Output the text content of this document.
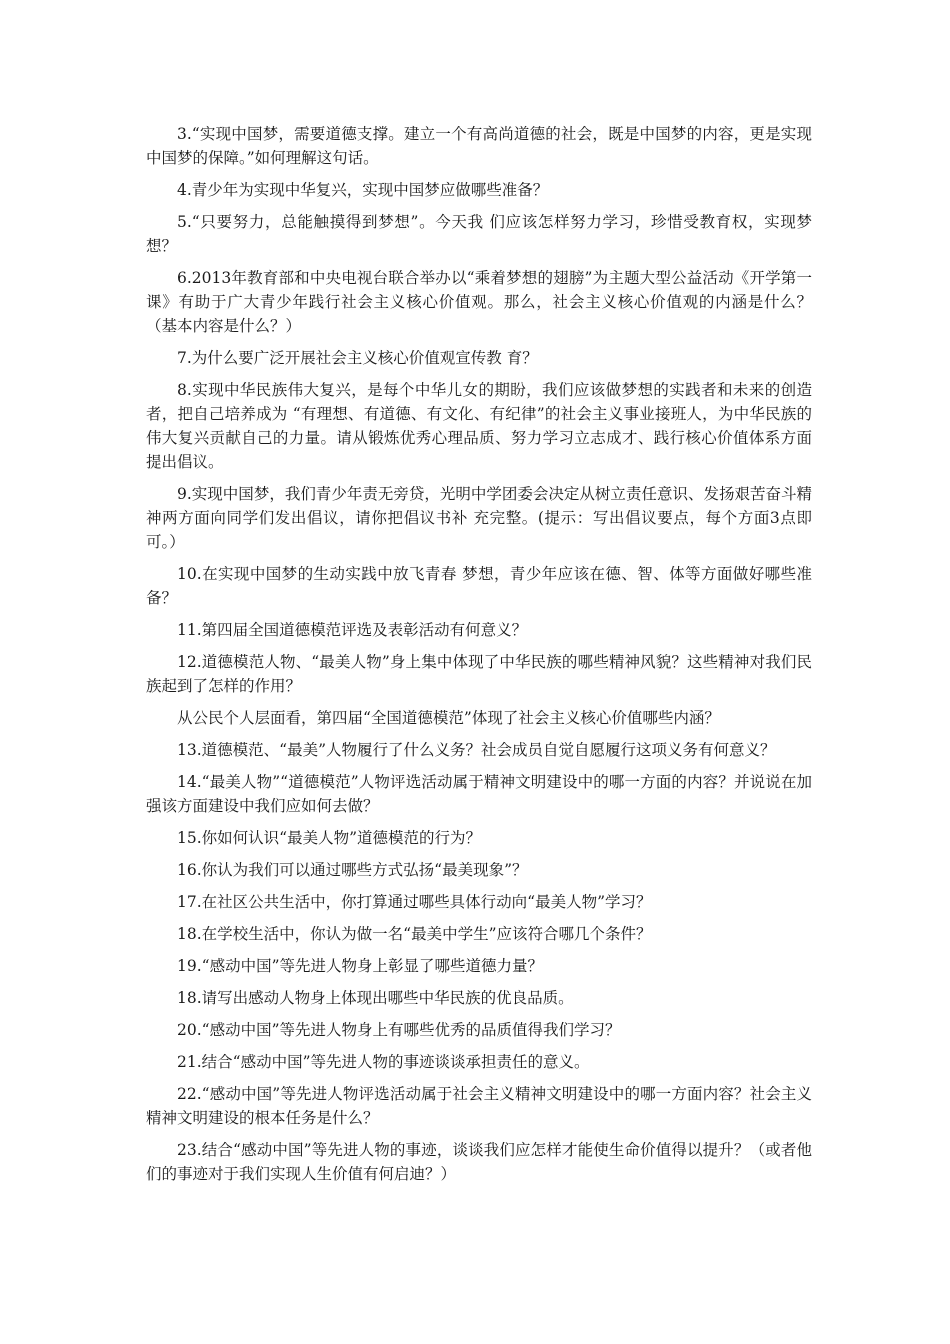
3.“实现中国梦，需要道德支撑。建立一个有高尚道德的社会，既是中国梦的内容，更是实现中国梦的保障。”如何理解这句话。

4.青少年为实现中华复兴，实现中国梦应做哪些准备？

5.“只要努力，总能触摸得到梦想”。今天我 们应该怎样努力学习，珍惜受教育权，实现梦想？

6.2013年教育部和中央电视台联合举办以“乘着梦想的翅膀”为主题大型公益活动《开学第一课》有助于广大青少年践行社会主义核心价值观。那么，社会主义核心价值观的内涵是什么？（基本内容是什么？）

7.为什么要广泛开展社会主义核心价值观宣传教 育？

8.实现中华民族伟大复兴，是每个中华儿女的期盼，我们应该做梦想的实践者和未来的创造者，把自己培养成为 “有理想、有道德、有文化、有纪律”的社会主义事业接班人，为中华民族的伟大复兴贡献自己的力量。请从锻炼优秀心理品质、努力学习立志成才、践行核心价值体系方面提出倡议。

9.实现中国梦，我们青少年责无旁贷，光明中学团委会决定从树立责任意识、发扬艰苦奋斗精神两方面向同学们发出倡议，请你把倡议书补 充完整。(提示：写出倡议要点，每个方面3点即可。）

10.在实现中国梦的生动实践中放飞青春 梦想，青少年应该在德、智、体等方面做好哪些准备？

11.第四届全国道德模范评选及表彰活动有何意义？

12.道德模范人物、“最美人物”身上集中体现了中华民族的哪些精神风貌？这些精神对我们民族起到了怎样的作用？

从公民个人层面看，第四届“全国道德模范”体现了社会主义核心价值哪些内涵？

13.道德模范、“最美”人物履行了什么义务？社会成员自觉自愿履行这项义务有何意义？

14.“最美人物”“道德模范”人物评选活动属于精神文明建设中的哪一方面的内容？并说说在加强该方面建设中我们应如何去做？

15.你如何认识“最美人物”道德模范的行为？

16.你认为我们可以通过哪些方式弘扬“最美现象”？

17.在社区公共生活中，你打算通过哪些具体行动向“最美人物”学习？

18.在学校生活中，你认为做一名“最美中学生”应该符合哪几个条件？

19.“感动中国”等先进人物身上彰显了哪些道德力量？

18.请写出感动人物身上体现出哪些中华民族的优良品质。

20.“感动中国”等先进人物身上有哪些优秀的品质值得我们学习？

21.结合“感动中国”等先进人物的事迹谈谈承担责任的意义。

22.“感动中国”等先进人物评选活动属于社会主义精神文明建设中的哪一方面内容？社会主义精神文明建设的根本任务是什么？

23.结合“感动中国”等先进人物的事迹，谈谈我们应怎样才能使生命价值得以提升？（或者他们的事迹对于我们实现人生价值有何启迪？）
